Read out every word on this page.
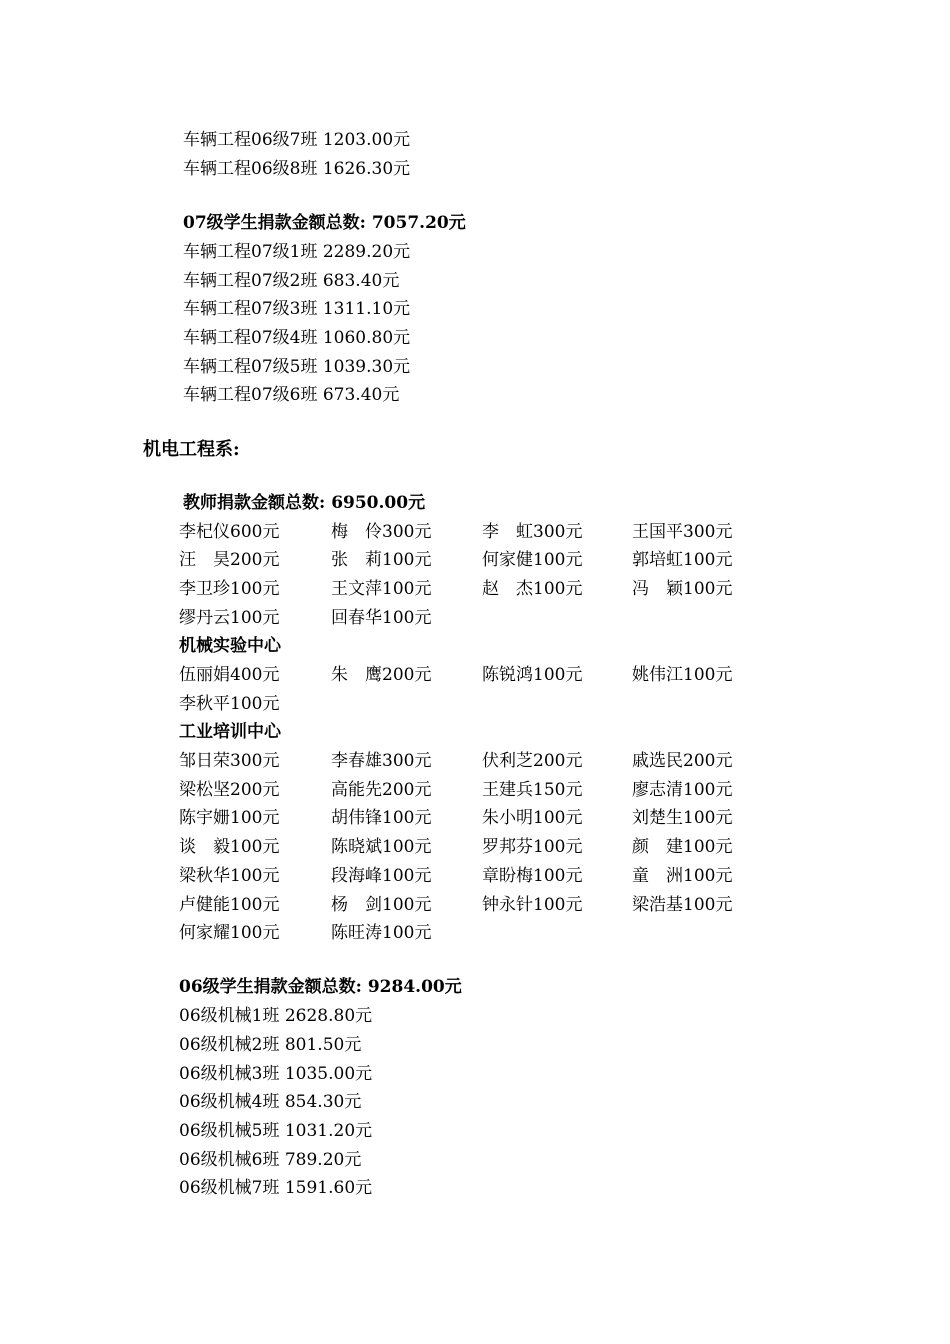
车辆工程06级7班 1203.00元
车辆工程06级8班 1626.30元
07级学生捐款金额总数: 7057.20元
车辆工程07级1班 2289.20元
车辆工程07级2班 683.40元
车辆工程07级3班 1311.10元
车辆工程07级4班 1060.80元
车辆工程07级5班 1039.30元
车辆工程07级6班 673.40元
机电工程系:
教师捐款金额总数: 6950.00元
李杞仪600元	梅　伶300元	李　虹300元	王国平300元
汪　昊200元	张　莉100元	何家健100元	郭培虹100元
李卫珍100元	王文萍100元	赵　杰100元	冯　颖100元
缪丹云100元	回春华100元
机械实验中心
伍丽娟400元	朱　鹰200元	陈锐鸿100元	姚伟江100元
李秋平100元
工业培训中心
邹日荣300元	李春雄300元	伏利芝200元	戚选民200元
梁松坚200元	高能先200元	王建兵150元	廖志清100元
陈宇姗100元	胡伟锋100元	朱小明100元	刘楚生100元
谈　毅100元	陈晓斌100元	罗邦芬100元	颜　建100元
梁秋华100元	段海峰100元	章盼梅100元	童　洲100元
卢健能100元	杨　剑100元	钟永针100元	梁浩基100元
何家耀100元	陈旺涛100元
06级学生捐款金额总数: 9284.00元
06级机械1班 2628.80元
06级机械2班 801.50元
06级机械3班 1035.00元
06级机械4班 854.30元
06级机械5班 1031.20元
06级机械6班 789.20元
06级机械7班 1591.60元
